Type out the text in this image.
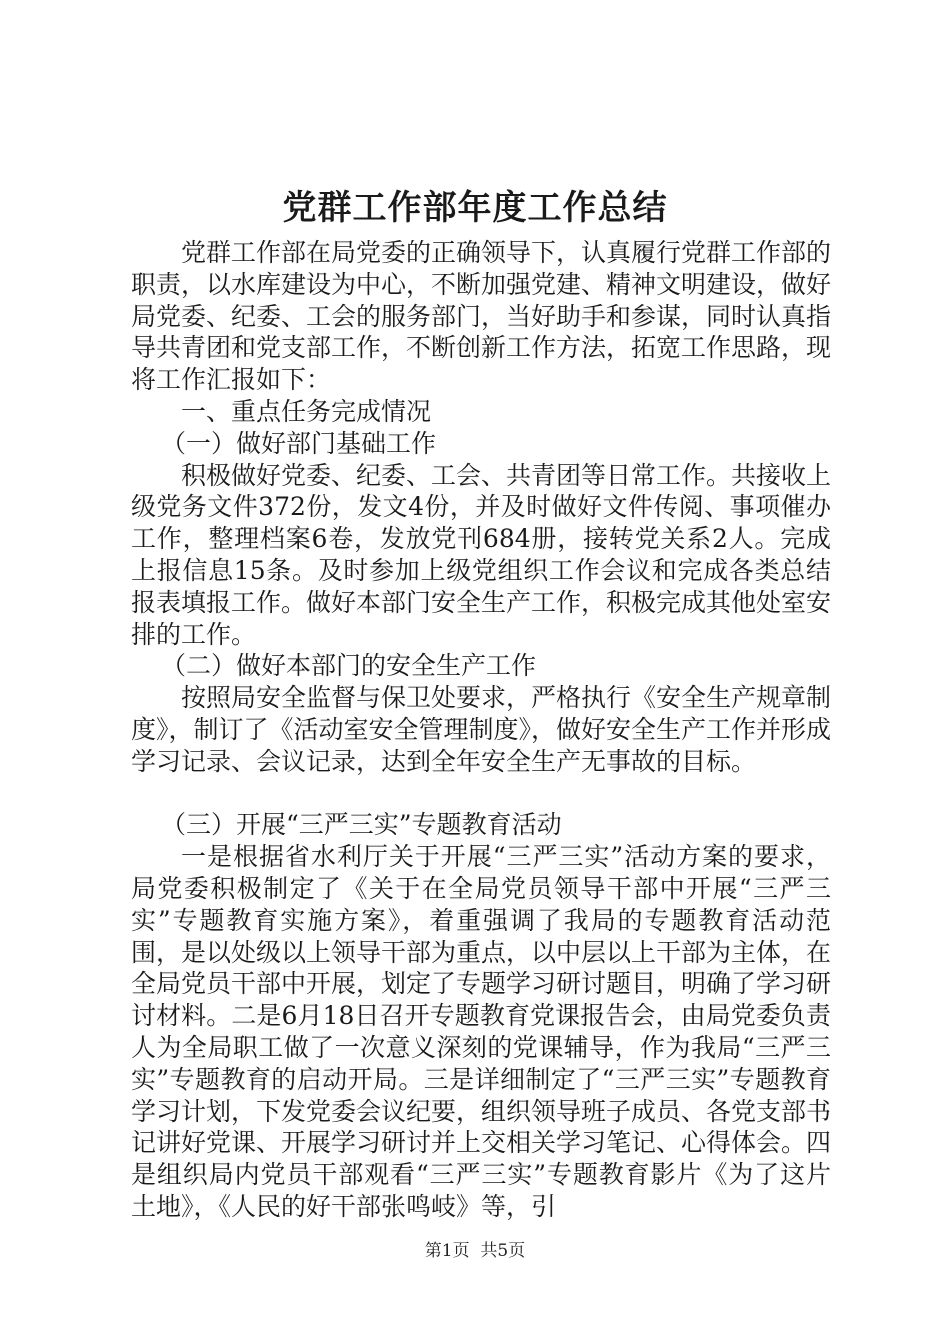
党群工作部年度工作总结

党群工作部在局党委的正确领导下，认真履行党群工作部的职责，以水库建设为中心，不断加强党建、精神文明建设，做好局党委、纪委、工会的服务部门，当好助手和参谋，同时认真指导共青团和党支部工作，不断创新工作方法，拓宽工作思路，现将工作汇报如下：

一、重点任务完成情况

（一）做好部门基础工作

积极做好党委、纪委、工会、共青团等日常工作。共接收上级党务文件372份，发文4份，并及时做好文件传阅、事项催办工作，整理档案6卷，发放党刊684册，接转党关系2人。完成上报信息15条。及时参加上级党组织工作会议和完成各类总结报表填报工作。做好本部门安全生产工作，积极完成其他处室安排的工作。

（二）做好本部门的安全生产工作

按照局安全监督与保卫处要求，严格执行《安全生产规章制度》，制订了《活动室安全管理制度》，做好安全生产工作并形成学习记录、会议记录，达到全年安全生产无事故的目标。

（三）开展“三严三实”专题教育活动

一是根据省水利厅关于开展“三严三实”活动方案的要求，局党委积极制定了《关于在全局党员领导干部中开展“三严三实”专题教育实施方案》，着重强调了我局的专题教育活动范围，是以处级以上领导干部为重点，以中层以上干部为主体，在全局党员干部中开展，划定了专题学习研讨题目，明确了学习研讨材料。二是6月18日召开专题教育党课报告会，由局党委负责人为全局职工做了一次意义深刻的党课辅导，作为我局“三严三实”专题教育的启动开局。三是详细制定了“三严三实”专题教育学习计划，下发党委会议纪要，组织领导班子成员、各党支部书记讲好党课、开展学习研讨并上交相关学习笔记、心得体会。四是组织局内党员干部观看“三严三实”专题教育影片《为了这片土地》，《人民的好干部张鸣岐》等，引

第1页 共5页
